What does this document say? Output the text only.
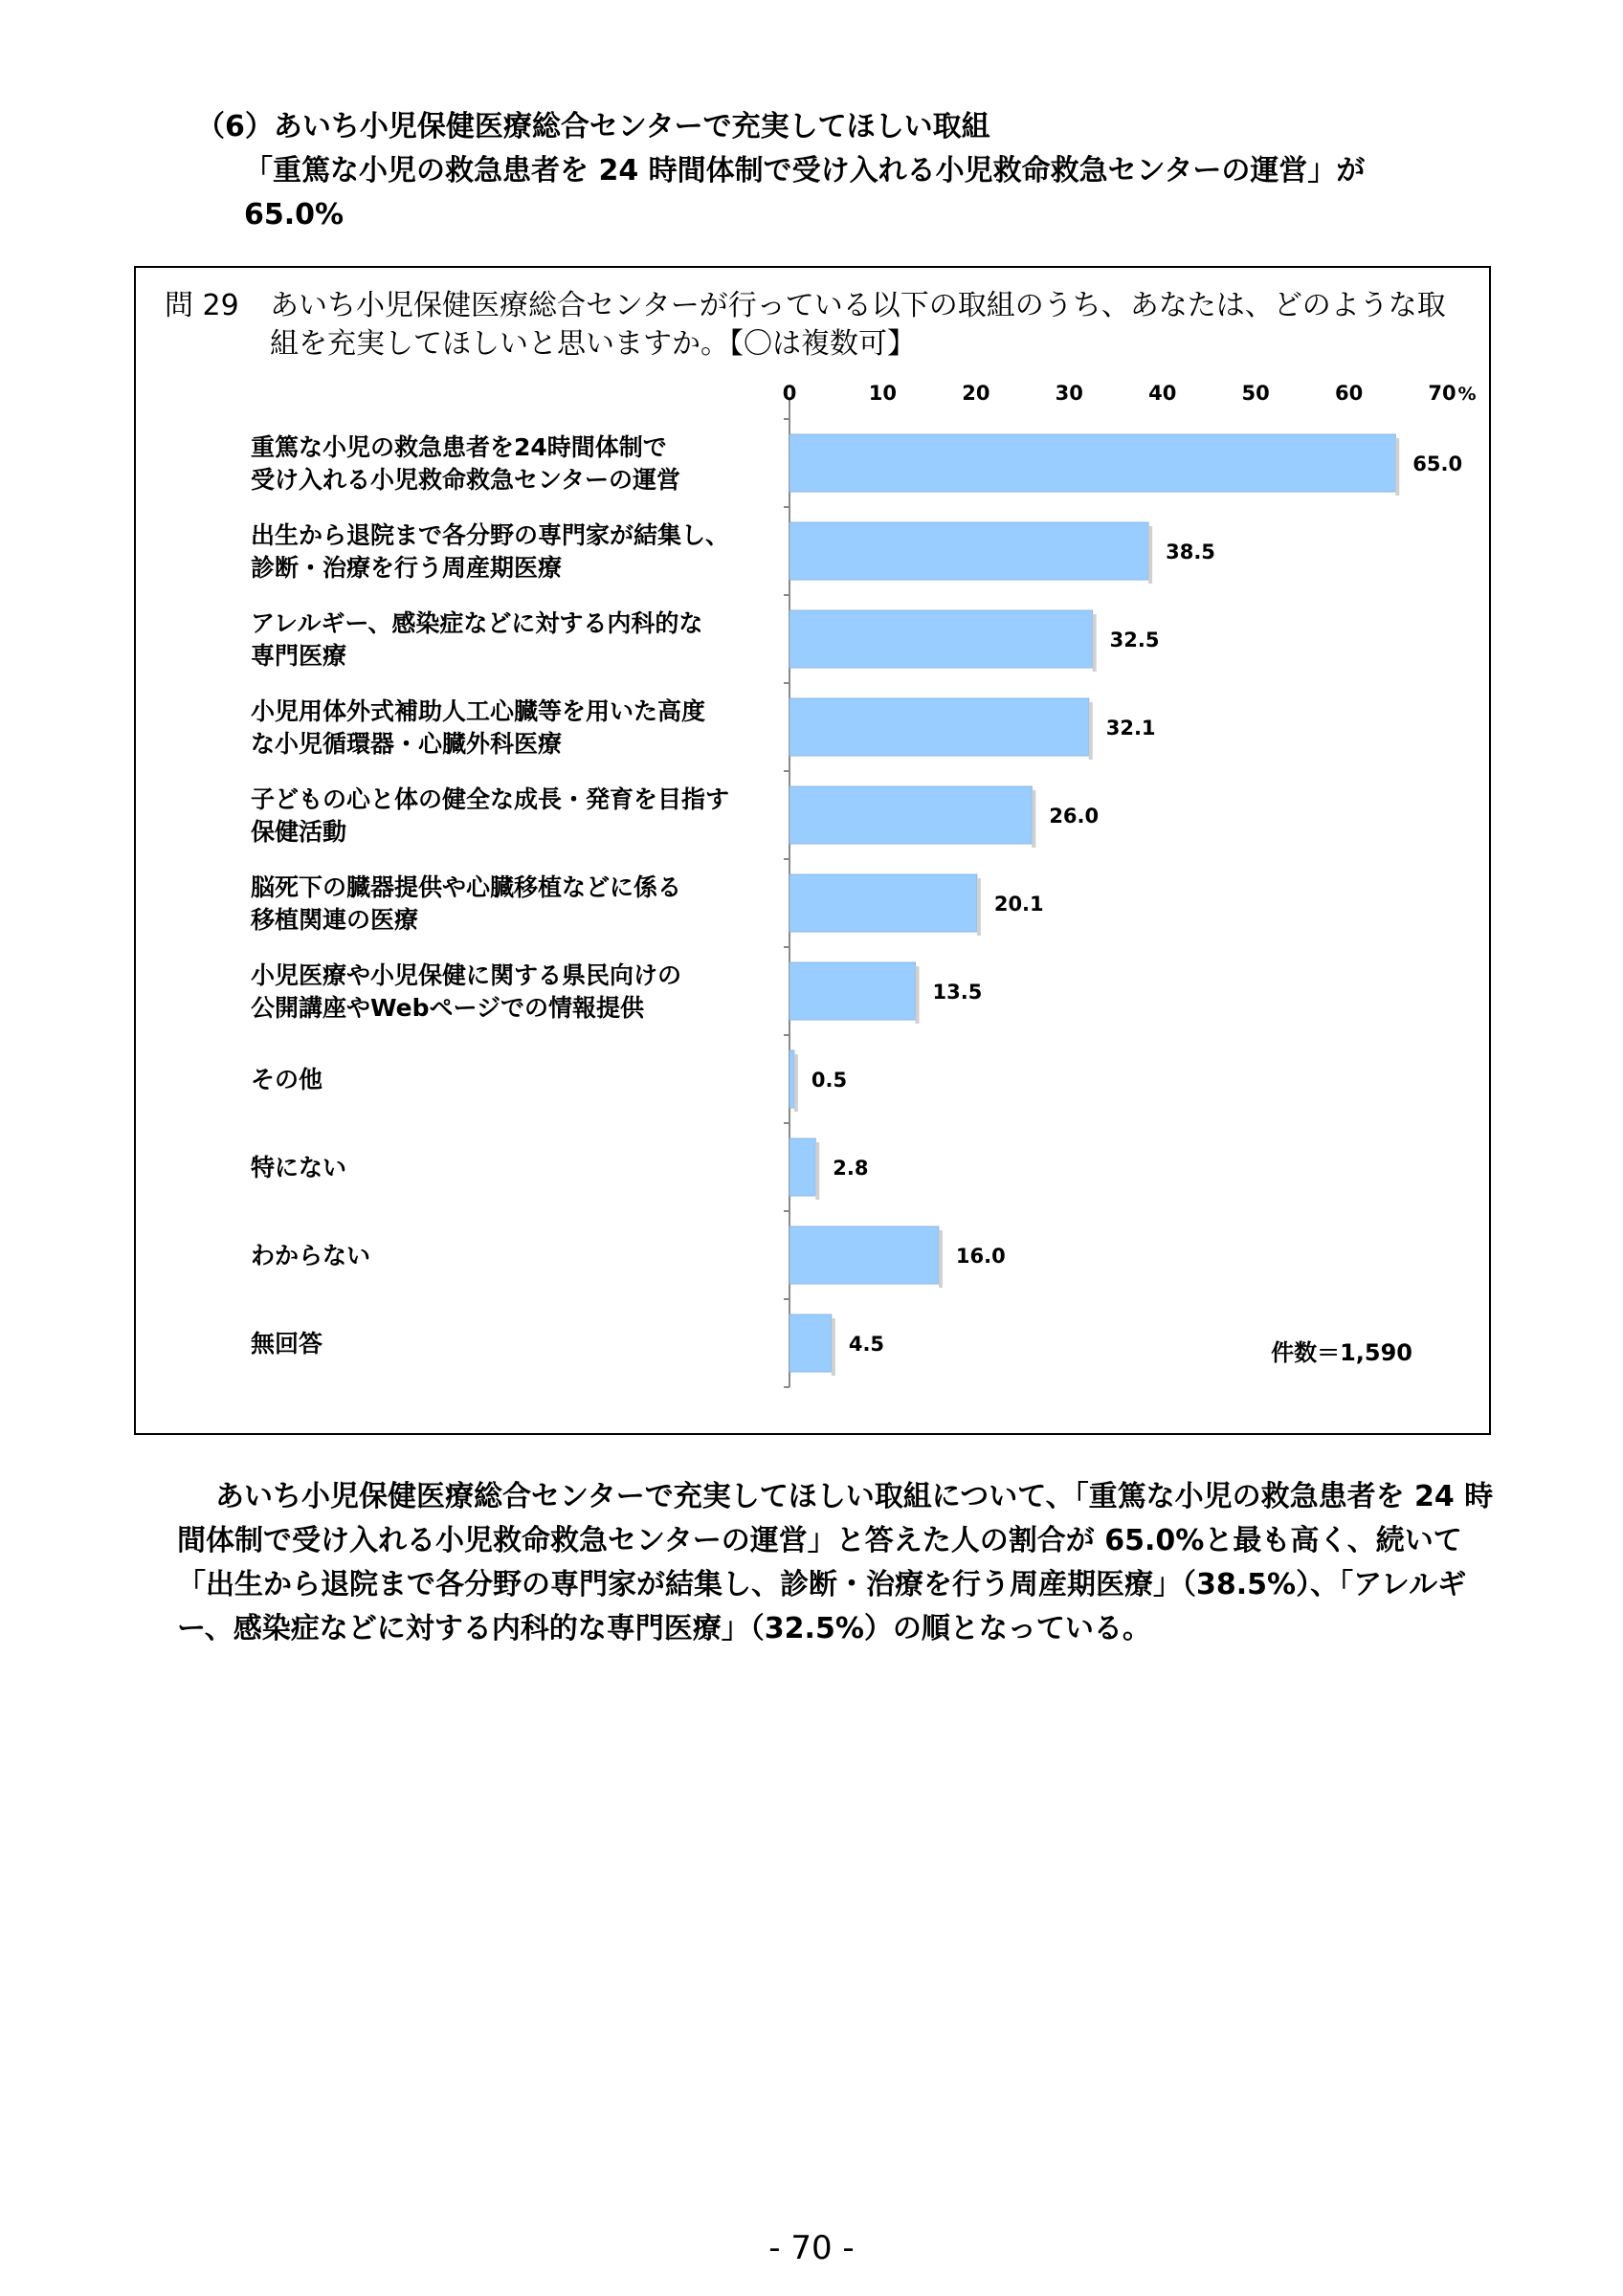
（6）あいち小児保健医療総合センターで充実してほしい取組
「重篤な小児の救急患者を 24 時間体制で受け入れる小児救命救急センターの運営」が
65.0%
問 29 あいち小児保健医療総合センターが行っている以下の取組のうち、あなたは、どのような取組を充実してほしいと思いますか。【〇は複数可】
0	10	20	30	40	50	60	70 %
65.0
重篤な小児の救急患者を24時間体制で
受け入れる小児救命救急センターの運営
38.5
出生から退院まで各分野の専門家が結集し、
診断・治療を行う周産期医療
32.5
アレルギー、感染症などに対する内科的な
専門医療
32.1
小児用体外式補助人工心臓等を用いた高度
な小児循環器・心臓外科医療
26.0
子どもの心と体の健全な成長・発育を目指す
保健活動
20.1
脳死下の臓器提供や心臓移植などに係る
移植関連の医療
13.5
小児医療や小児保健に関する県民向けの
公開講座やWebページでの情報提供
0.5
その他
2.8
特にない
16.0
わからない
4.5
無回答	件数＝1,590
あいち小児保健医療総合センターで充実してほしい取組について、「重篤な小児の救急患者を 24 時間体制で受け入れる小児救命救急センターの運営」と答えた人の割合が 65.0%と最も高く、続いて「出生から退院まで各分野の専門家が結集し、診断・治療を行う周産期医療」（38.5%）、「アレルギー、感染症などに対する内科的な専門医療」（32.5%）の順となっている。
- 70 -
